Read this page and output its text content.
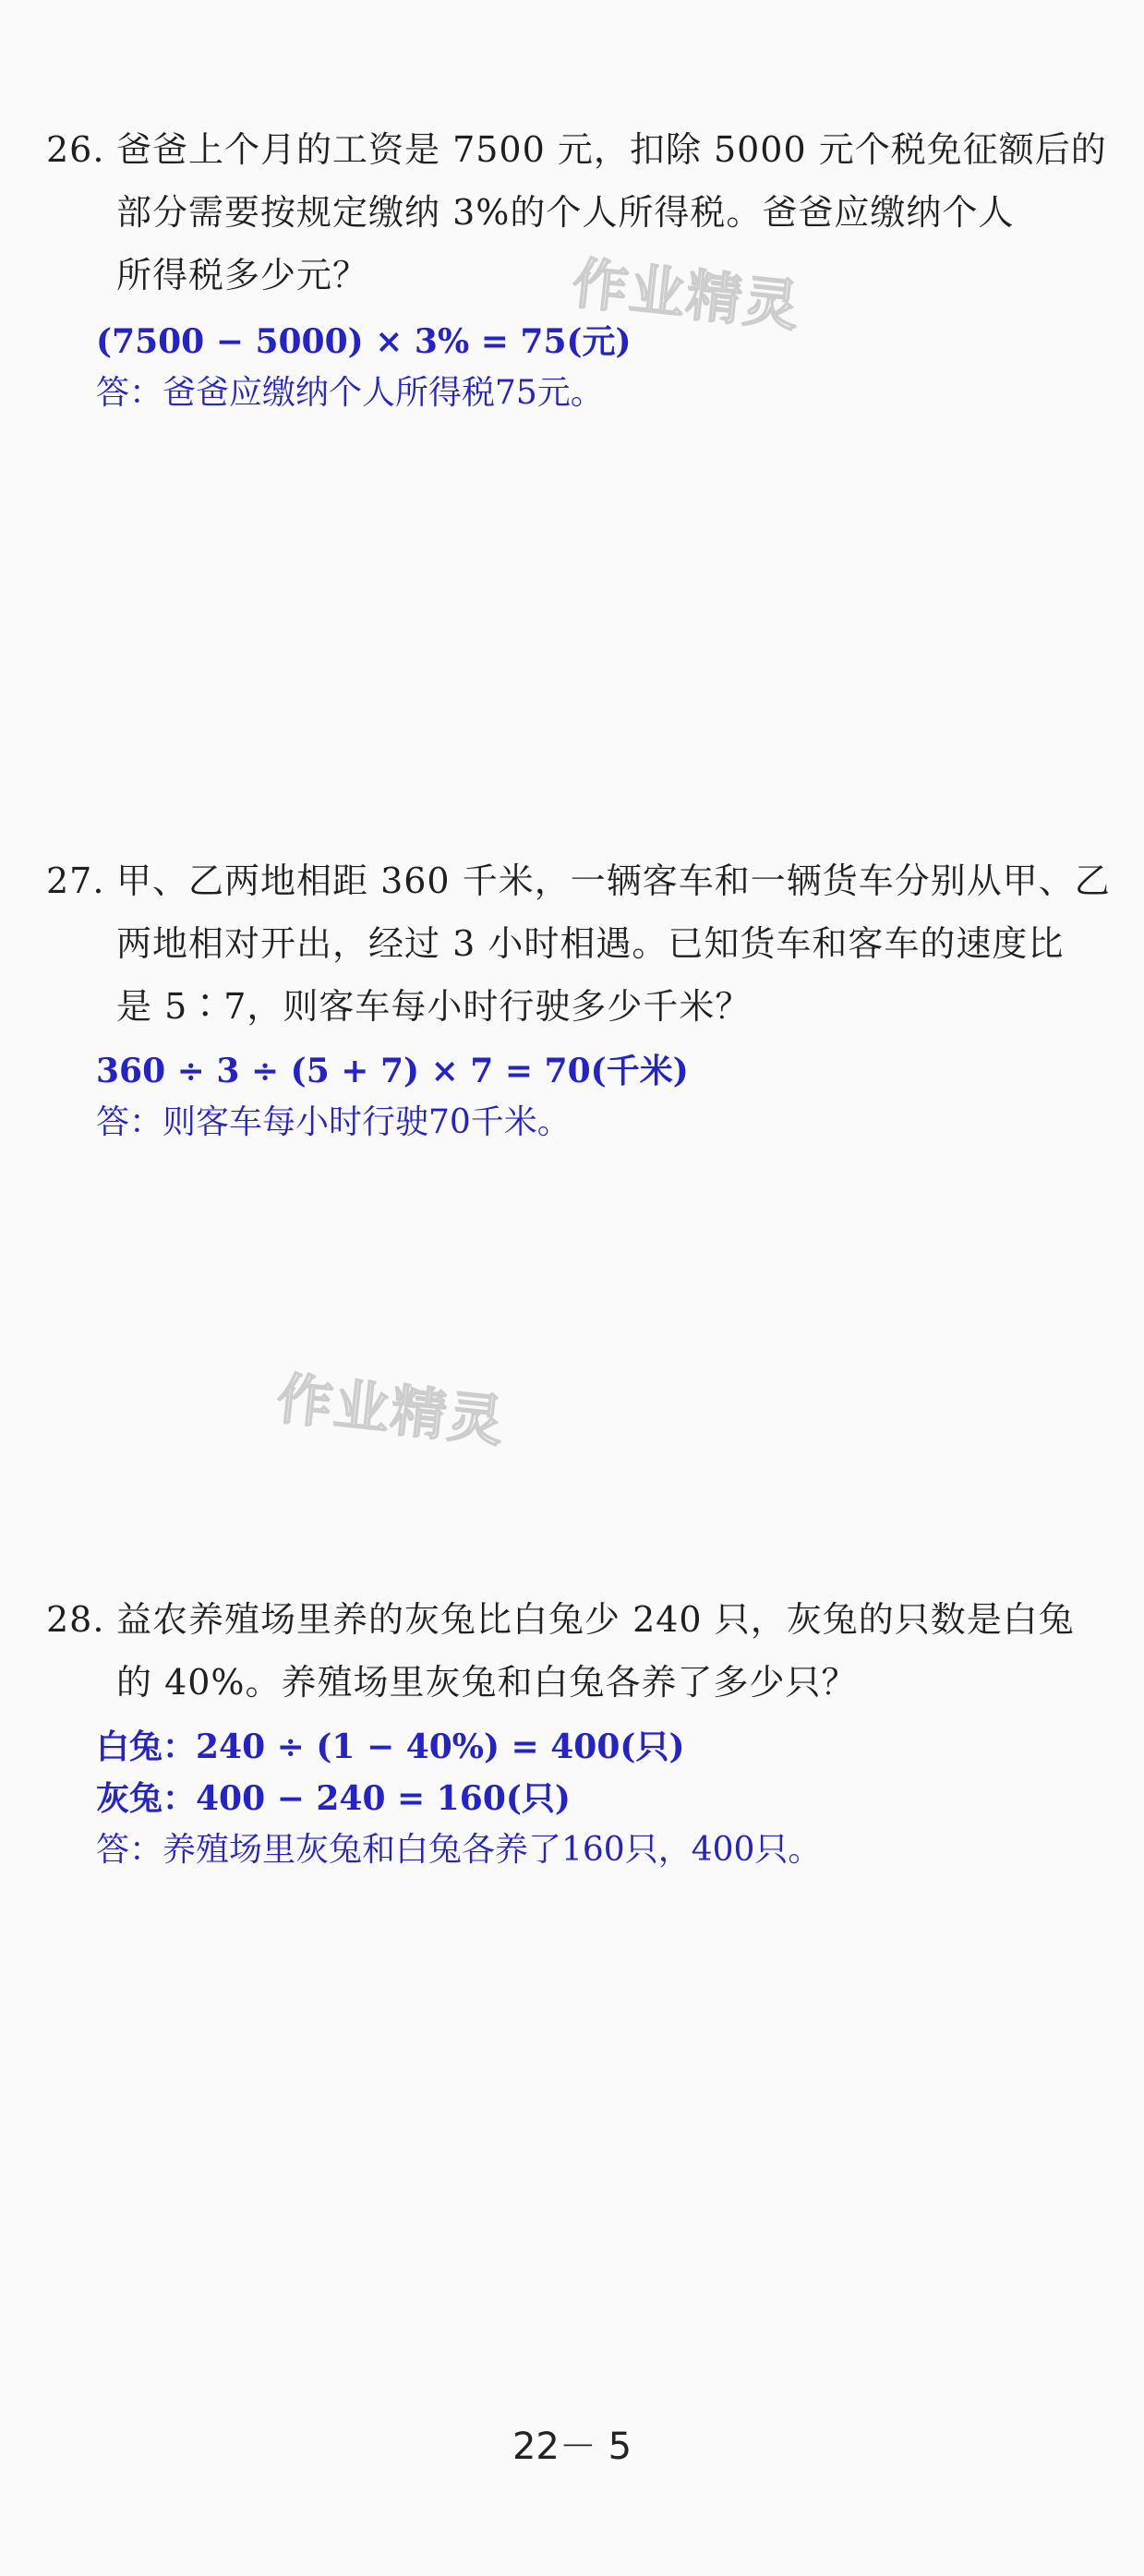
26. 爸爸上个月的工资是 7500 元，扣除 5000 元个税免征额后的
部分需要按规定缴纳 3%的个人所得税。爸爸应缴纳个人
所得税多少元？
(7500 − 5000) × 3% = 75(元)
答：爸爸应缴纳个人所得税75元。
27. 甲、乙两地相距 360 千米，一辆客车和一辆货车分别从甲、乙
两地相对开出，经过 3 小时相遇。已知货车和客车的速度比
是 5∶7，则客车每小时行驶多少千米？
360 ÷ 3 ÷ (5 + 7) × 7 = 70(千米)
答：则客车每小时行驶70千米。
28. 益农养殖场里养的灰兔比白兔少 240 只，灰兔的只数是白兔
的 40%。养殖场里灰兔和白兔各养了多少只？
白兔：240 ÷ (1 − 40%) = 400(只)
灰兔：400 − 240 = 160(只)
答：养殖场里灰兔和白兔各养了160只，400只。
作业精灵
作业精灵
22－ 5
